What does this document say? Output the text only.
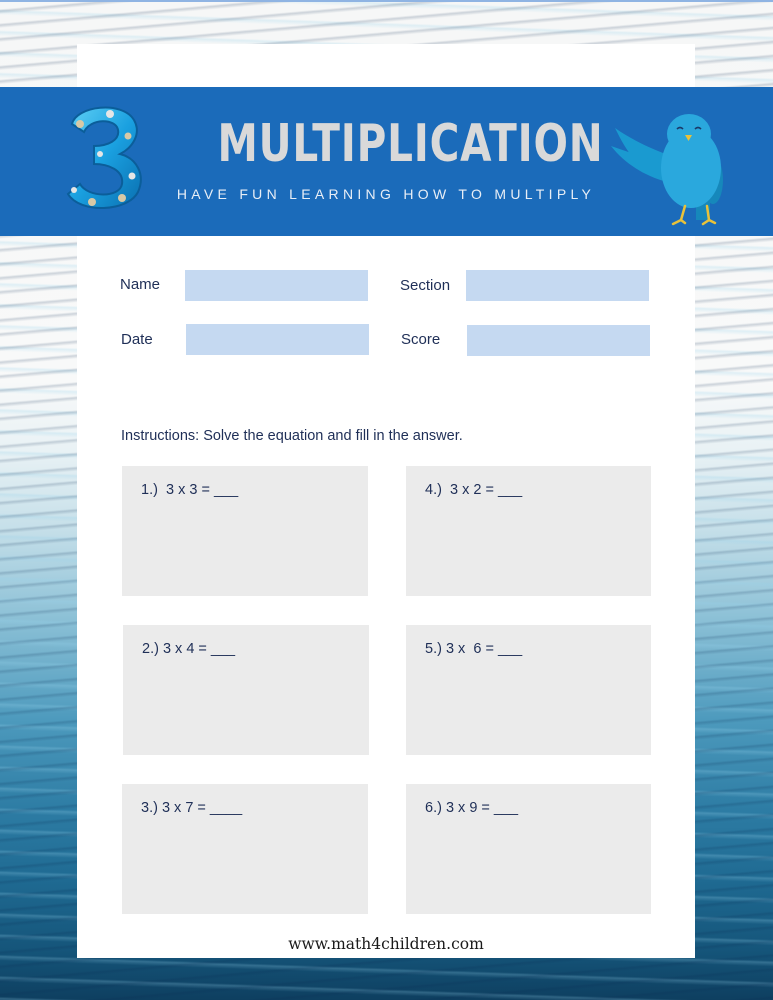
MULTIPLICATION
HAVE FUN LEARNING HOW TO MULTIPLY
Name	Section
Date	Score
Instructions: Solve the equation and fill in the answer.
1.)  3 x 3 = ___
2.) 3 x 4 = ___
3.) 3 x 7 = ____
4.)  3 x 2 = ___
5.) 3 x  6 = ___
6.) 3 x 9 = ___
www.math4children.com
